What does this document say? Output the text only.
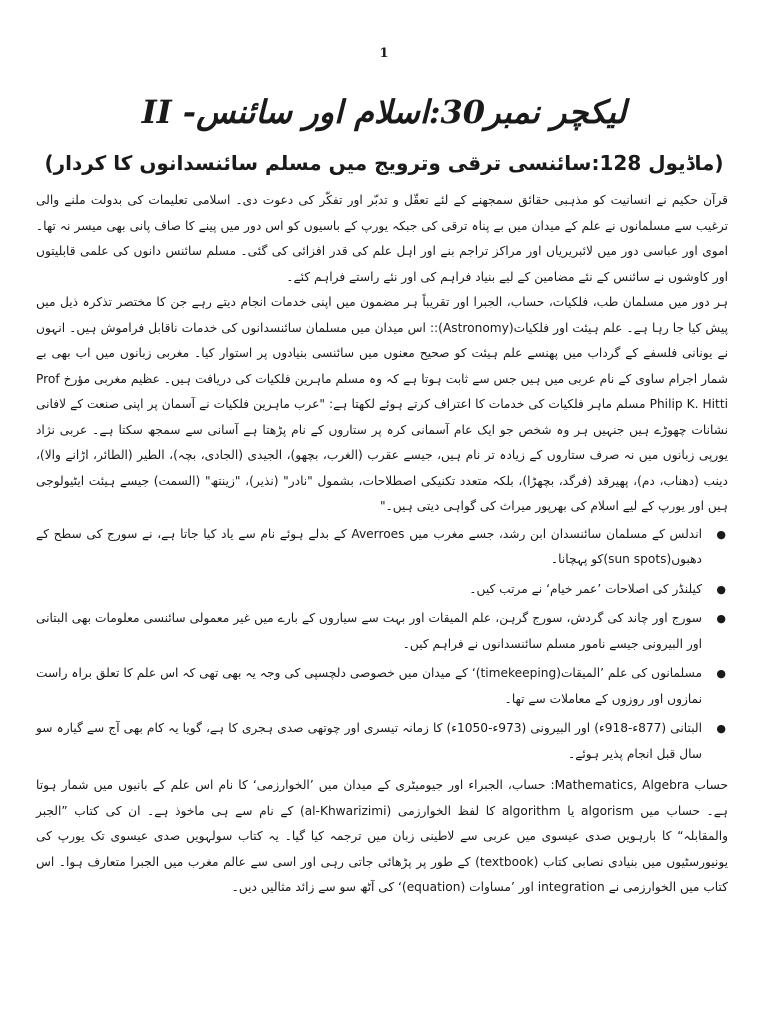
1
لیکچر نمبر30:اسلام اور سائنس- II
(ماڈیول 128:سائنسی ترقی وترویج میں مسلم سائنسدانوں کا کردار)

قرآن حکیم نے انسانیت کو مذہبی حقائق سمجھنے کے لئے تعقّل و تدبّر اور تفکّر کی دعوت دی۔ اسلامی تعلیمات کی بدولت ملنے والی ترغیب سے مسلمانوں نے علم کے میدان میں بے پناہ ترقی کی جبکہ یورپ کے باسیوں کو اس دور میں پینے کا صاف پانی بھی میسر نہ تھا۔ اموی اور عباسی دور میں لائبریریاں اور مراکز تراجم بنے اور اہل علم کی قدر افزائی کی گئی۔ مسلم سائنس دانوں کی علمی قابلیتوں اور کاوشوں نے سائنس کے نئے مضامین کے لیے بنیاد فراہم کی اور نئے راستے فراہم کئے۔

ہر دور میں مسلمان طب، فلکیات، حساب، الجبرا اور تقریباً ہر مضمون میں اپنی خدمات انجام دیتے رہے جن کا مختصر تذکرہ ذیل میں پیش کیا جا رہا ہے۔ علم ہیئت اور فلکیات(Astronomy):: اس میدان میں مسلمان سائنسدانوں کی خدمات ناقابل فراموش ہیں۔ انہوں نے یونانی فلسفے کے گرداب میں پھنسے علم ہیئت کو صحیح معنوں میں سائنسی بنیادوں پر استوار کیا۔ مغربی زبانوں میں اب بھی بے شمار اجرام ساوی کے نام عربی میں ہیں جس سے ثابت ہوتا ہے کہ وہ مسلم ماہرین فلکیات کی دریافت ہیں۔ عظیم مغربی مؤرخ Prof Philip K. Hitti مسلم ماہر فلکیات کی خدمات کا اعتراف کرتے ہوئے لکھتا ہے: "عرب ماہرین فلکیات نے آسمان پر اپنی صنعت کے لافانی نشانات چھوڑے ہیں جنہیں ہر وہ شخص جو ایک عام آسمانی کرہ پر ستاروں کے نام پڑھتا ہے آسانی سے سمجھ سکتا ہے۔ عربی نژاد یورپی زبانوں میں نہ صرف ستاروں کے زیادہ تر نام ہیں، جیسے عقرب (الغرب، بچھو)، الجیدی (الجادی، بچہ)، الطیر (الطائر، اڑانے والا)، دینب (دھناب، دم)، پھیرقد (فرگد، بچھڑا)، بلکہ متعدد تکنیکی اصطلاحات، بشمول "نادر" (نذیر)، "زینتھ" (السمت) جیسے ہیئت ایٹیولوجی ہیں اور یورپ کے لیے اسلام کی بھرپور میراث کی گواہی دیتی ہیں۔"

● اندلس کے مسلمان سائنسدان ابن رشد، جسے مغرب میں Averroes کے بدلے ہوئے نام سے یاد کیا جاتا ہے، نے سورج کی سطح کے دھبوں(sun spots)کو پہچانا۔
● کیلنڈر کی اصلاحات ’عمر خیام‘ نے مرتب کیں۔
● سورج اور چاند کی گردش، سورج گرہن، علم المیقات اور بہت سے سیاروں کے بارے میں غیر معمولی سائنسی معلومات بھی البتانی اور البیرونی جیسے نامور مسلم سائنسدانوں نے فراہم کیں۔
● مسلمانوں کی علم ’المیقات(timekeeping)‘ کے میدان میں خصوصی دلچسپی کی وجہ یہ بھی تھی کہ اس علم کا تعلق براہ راست نمازوں اور روزوں کے معاملات سے تھا۔
● البتانی (877ء-918ء) اور البیرونی (973ء-1050ء) کا زمانہ تیسری اور چوتھی صدی ہجری کا ہے، گویا یہ کام بھی آج سے گیارہ سو سال قبل انجام پذیر ہوئے۔

حساب Mathematics, Algebra: حساب، الجبراء اور جیومیٹری کے میدان میں ’الخوارزمی‘ کا نام اس علم کے بانیوں میں شمار ہوتا ہے۔ حساب میں algorism یا algorithm کا لفظ الخوارزمی (al-Khwarizimi) کے نام سے ہی ماخوذ ہے۔ ان کی کتاب ”الجبر والمقابلہ“ کا بارہویں صدی عیسوی میں عربی سے لاطینی زبان میں ترجمہ کیا گیا۔ یہ کتاب سولہویں صدی عیسوی تک یورپ کی یونیورسٹیوں میں بنیادی نصابی کتاب (textbook) کے طور پر پڑھائی جاتی رہی اور اسی سے عالم مغرب میں الجبرا متعارف ہوا۔ اس کتاب میں الخوارزمی نے integration اور ’مساوات (equation)‘ کی آٹھ سو سے زائد مثالیں دیں۔
